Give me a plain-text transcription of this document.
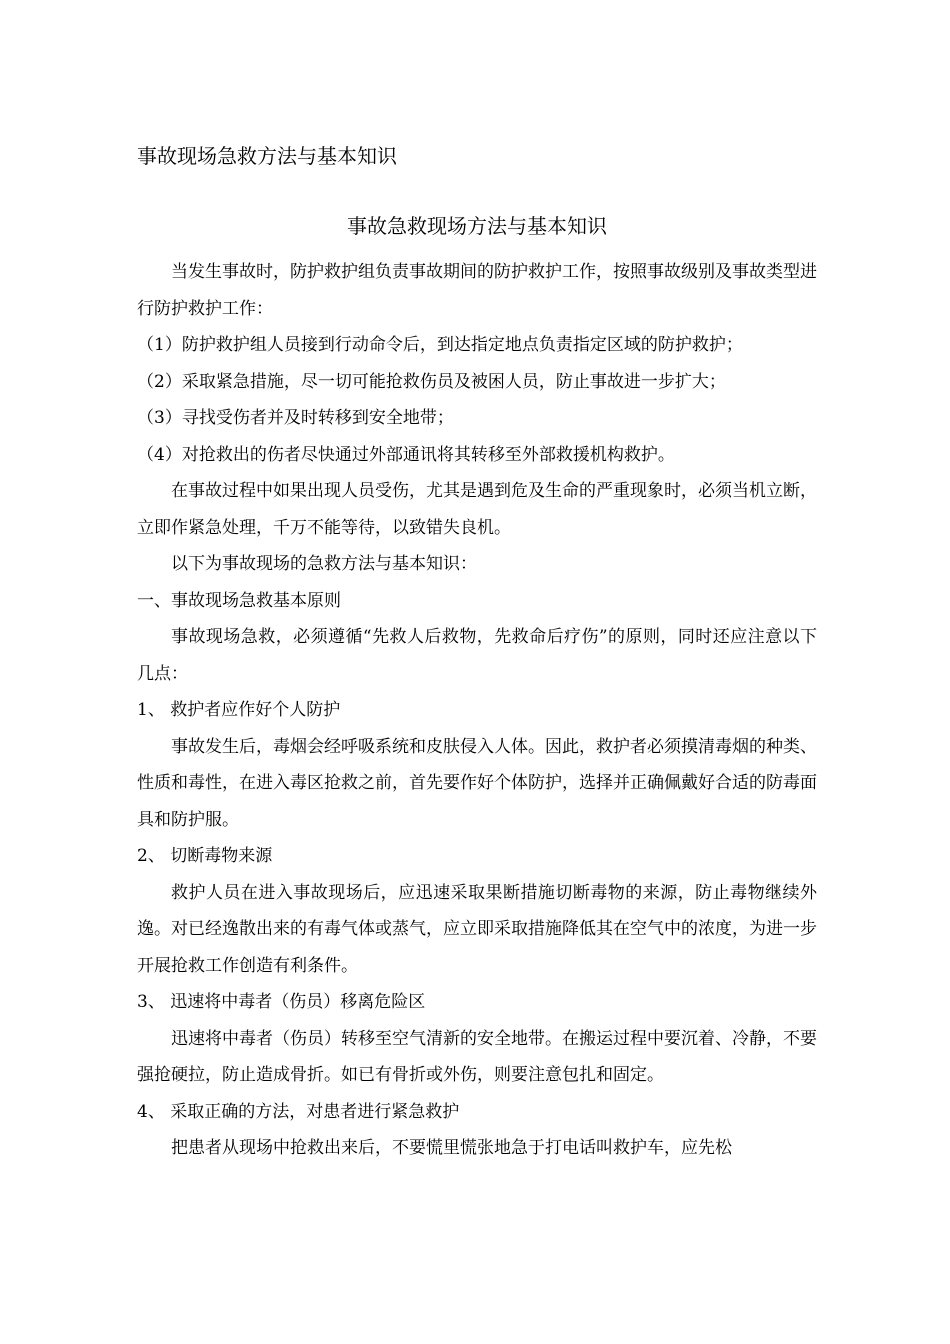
事故现场急救方法与基本知识
事故急救现场方法与基本知识

当发生事故时，防护救护组负责事故期间的防护救护工作，按照事故级别及事故类型进行防护救护工作：

（1）防护救护组人员接到行动命令后，到达指定地点负责指定区域的防护救护；

（2）采取紧急措施，尽一切可能抢救伤员及被困人员，防止事故进一步扩大；

（3）寻找受伤者并及时转移到安全地带；

（4）对抢救出的伤者尽快通过外部通讯将其转移至外部救援机构救护。

在事故过程中如果出现人员受伤，尤其是遇到危及生命的严重现象时，必须当机立断，立即作紧急处理，千万不能等待，以致错失良机。

以下为事故现场的急救方法与基本知识：

一、事故现场急救基本原则

事故现场急救，必须遵循“先救人后救物，先救命后疗伤”的原则，同时还应注意以下几点：

1、 救护者应作好个人防护

事故发生后，毒烟会经呼吸系统和皮肤侵入人体。因此，救护者必须摸清毒烟的种类、性质和毒性，在进入毒区抢救之前，首先要作好个体防护，选择并正确佩戴好合适的防毒面具和防护服。

2、 切断毒物来源

救护人员在进入事故现场后，应迅速采取果断措施切断毒物的来源，防止毒物继续外逸。对已经逸散出来的有毒气体或蒸气，应立即采取措施降低其在空气中的浓度，为进一步开展抢救工作创造有利条件。

3、 迅速将中毒者（伤员）移离危险区

迅速将中毒者（伤员）转移至空气清新的安全地带。在搬运过程中要沉着、冷静，不要强抢硬拉，防止造成骨折。如已有骨折或外伤，则要注意包扎和固定。

4、 采取正确的方法，对患者进行紧急救护

把患者从现场中抢救出来后，不要慌里慌张地急于打电话叫救护车，应先松
